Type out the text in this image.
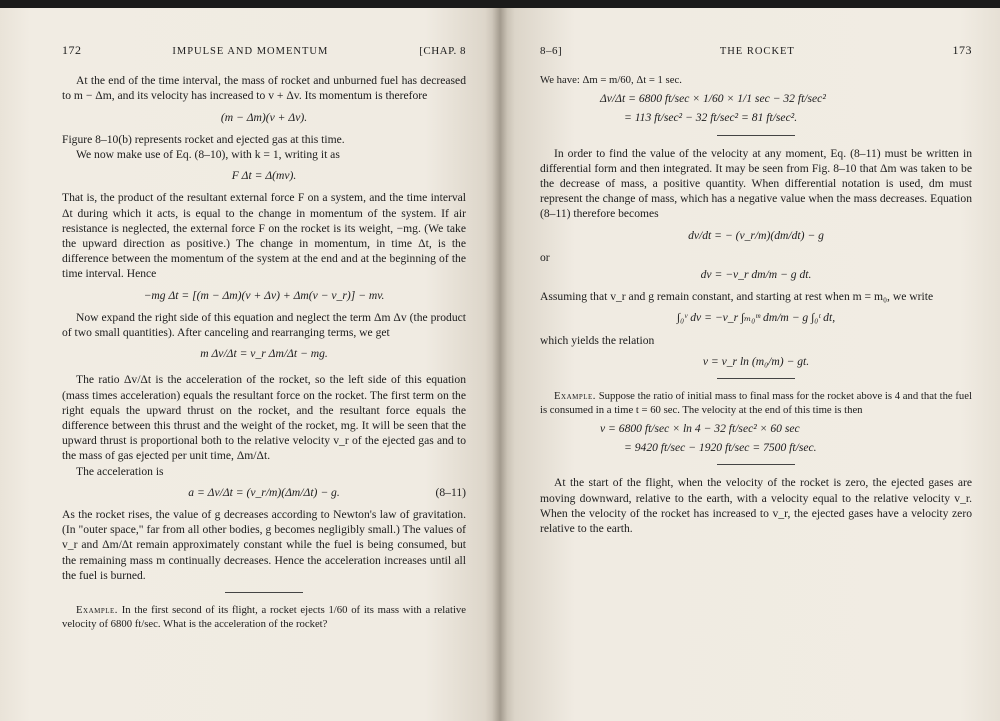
172	IMPULSE AND MOMENTUM	[CHAP. 8

At the end of the time interval, the mass of rocket and unburned fuel has decreased to m − Δm, and its velocity has increased to v + Δv. Its momentum is therefore

(m − Δm)(v + Δv).

Figure 8–10(b) represents rocket and ejected gas at this time.

We now make use of Eq. (8–10), with k = 1, writing it as

F Δt = Δ(mv).

That is, the product of the resultant external force F on a system, and the time interval Δt during which it acts, is equal to the change in momentum of the system. If air resistance is neglected, the external force F on the rocket is its weight, −mg. (We take the upward direction as positive.) The change in momentum, in time Δt, is the difference between the momentum of the system at the end and at the beginning of the time interval. Hence

−mg Δt = [(m − Δm)(v + Δv) + Δm(v − v_r)] − mv.

Now expand the right side of this equation and neglect the term Δm Δv (the product of two small quantities). After canceling and rearranging terms, we get

m Δv/Δt = v_r Δm/Δt − mg.

The ratio Δv/Δt is the acceleration of the rocket, so the left side of this equation (mass times acceleration) equals the resultant force on the rocket. The first term on the right equals the upward thrust on the rocket, and the resultant force equals the difference between this thrust and the weight of the rocket, mg. It will be seen that the upward thrust is proportional both to the relative velocity v_r of the ejected gas and to the mass of gas ejected per unit time, Δm/Δt.

The acceleration is

a = Δv/Δt = (v_r/m)(Δm/Δt) − g.	(8–11)

As the rocket rises, the value of g decreases according to Newton's law of gravitation. (In "outer space," far from all other bodies, g becomes negligibly small.) The values of v_r and Δm/Δt remain approximately constant while the fuel is being consumed, but the remaining mass m continually decreases. Hence the acceleration increases until all the fuel is burned.

Example. In the first second of its flight, a rocket ejects 1/60 of its mass with a relative velocity of 6800 ft/sec. What is the acceleration of the rocket?

8–6]	THE ROCKET	173

We have: Δm = m/60, Δt = 1 sec.

Δv/Δt = 6800 ft/sec × 1/60 × 1/1 sec − 32 ft/sec²
= 113 ft/sec² − 32 ft/sec² = 81 ft/sec².

In order to find the value of the velocity at any moment, Eq. (8–11) must be written in differential form and then integrated. It may be seen from Fig. 8–10 that Δm was taken to be the decrease of mass, a positive quantity. When differential notation is used, dm must represent the change of mass, which has a negative value when the mass decreases. Equation (8–11) therefore becomes

dv/dt = − (v_r/m)(dm/dt) − g

or

dv = −v_r dm/m − g dt.

Assuming that v_r and g remain constant, and starting at rest when m = m₀, we write

∫₀ᵛ dv = −v_r ∫ₘ₀ᵐ dm/m − g ∫₀ᵗ dt,

which yields the relation

v = v_r ln (m₀/m) − gt.

Example. Suppose the ratio of initial mass to final mass for the rocket above is 4 and that the fuel is consumed in a time t = 60 sec. The velocity at the end of this time is then

v = 6800 ft/sec × ln 4 − 32 ft/sec² × 60 sec
= 9420 ft/sec − 1920 ft/sec = 7500 ft/sec.

At the start of the flight, when the velocity of the rocket is zero, the ejected gases are moving downward, relative to the earth, with a velocity equal to the relative velocity v_r. When the velocity of the rocket has increased to v_r, the ejected gases have a velocity zero relative to the earth.
